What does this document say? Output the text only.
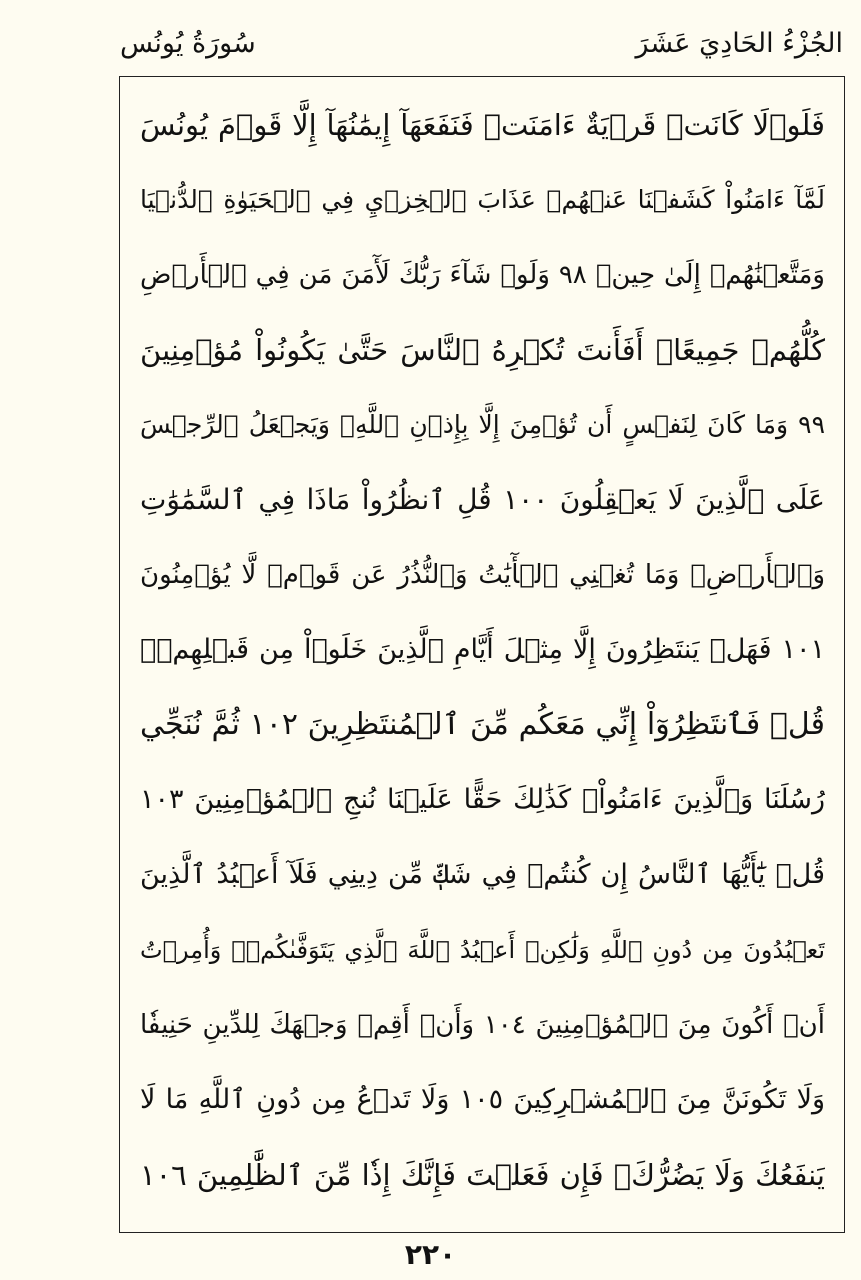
الجُزْءُ الحَادِيَ عَشَرَ
سُورَةُ يُونُس
فَلَوۡلَا كَانَتۡ قَرۡيَةٌ ءَامَنَتۡ فَنَفَعَهَآ إِيمَٰنُهَآ إِلَّا قَوۡمَ يُونُسَ
لَمَّآ ءَامَنُواْ كَشَفۡنَا عَنۡهُمۡ عَذَابَ ٱلۡخِزۡيِ فِي ٱلۡحَيَوٰةِ ٱلدُّنۡيَا
وَمَتَّعۡنَٰهُمۡ إِلَىٰ حِينٖ ٩٨ وَلَوۡ شَآءَ رَبُّكَ لَأٓمَنَ مَن فِي ٱلۡأَرۡضِ
كُلُّهُمۡ جَمِيعًاۚ أَفَأَنتَ تُكۡرِهُ ٱلنَّاسَ حَتَّىٰ يَكُونُواْ مُؤۡمِنِينَ
٩٩ وَمَا كَانَ لِنَفۡسٍ أَن تُؤۡمِنَ إِلَّا بِإِذۡنِ ٱللَّهِۚ وَيَجۡعَلُ ٱلرِّجۡسَ
عَلَى ٱلَّذِينَ لَا يَعۡقِلُونَ ١٠٠ قُلِ ٱنظُرُواْ مَاذَا فِي ٱلسَّمَٰوَٰتِ
وَٱلۡأَرۡضِۚ وَمَا تُغۡنِي ٱلۡأٓيَٰتُ وَٱلنُّذُرُ عَن قَوۡمٖ لَّا يُؤۡمِنُونَ
١٠١ فَهَلۡ يَنتَظِرُونَ إِلَّا مِثۡلَ أَيَّامِ ٱلَّذِينَ خَلَوۡاْ مِن قَبۡلِهِمۡۚ
قُلۡ فَٱنتَظِرُوٓاْ إِنِّي مَعَكُم مِّنَ ٱلۡمُنتَظِرِينَ ١٠٢ ثُمَّ نُنَجِّي
رُسُلَنَا وَٱلَّذِينَ ءَامَنُواْۚ كَذَٰلِكَ حَقًّا عَلَيۡنَا نُنجِ ٱلۡمُؤۡمِنِينَ ١٠٣
قُلۡ يَٰٓأَيُّهَا ٱلنَّاسُ إِن كُنتُمۡ فِي شَكّٖ مِّن دِينِي فَلَآ أَعۡبُدُ ٱلَّذِينَ
تَعۡبُدُونَ مِن دُونِ ٱللَّهِ وَلَٰكِنۡ أَعۡبُدُ ٱللَّهَ ٱلَّذِي يَتَوَفَّىٰكُمۡۖ وَأُمِرۡتُ
أَنۡ أَكُونَ مِنَ ٱلۡمُؤۡمِنِينَ ١٠٤ وَأَنۡ أَقِمۡ وَجۡهَكَ لِلدِّينِ حَنِيفٗا
وَلَا تَكُونَنَّ مِنَ ٱلۡمُشۡرِكِينَ ١٠٥ وَلَا تَدۡعُ مِن دُونِ ٱللَّهِ مَا لَا
يَنفَعُكَ وَلَا يَضُرُّكَۖ فَإِن فَعَلۡتَ فَإِنَّكَ إِذٗا مِّنَ ٱلظَّٰلِمِينَ ١٠٦
٢٢٠
